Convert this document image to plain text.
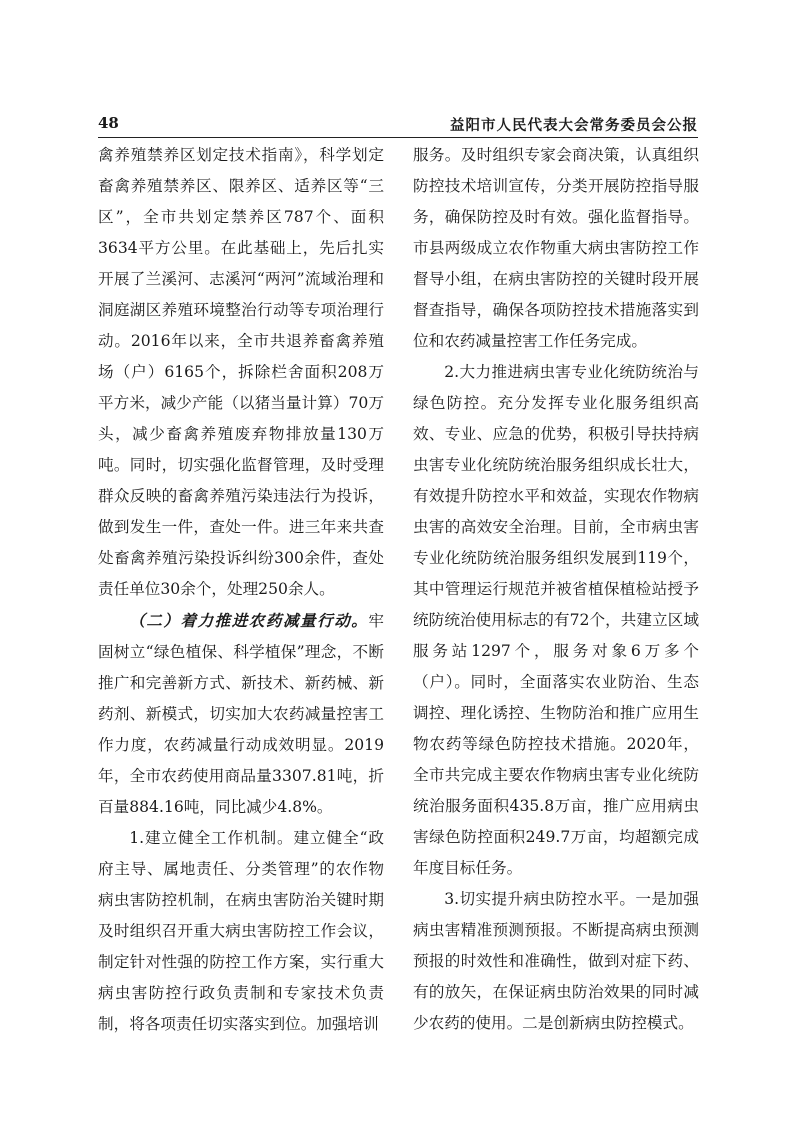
48	益阳市人民代表大会常务委员会公报

禽养殖禁养区划定技术指南》，科学划定畜禽养殖禁养区、限养区、适养区等“三区”，全市共划定禁养区787个、面积3634平方公里。在此基础上，先后扎实开展了兰溪河、志溪河“两河”流域治理和洞庭湖区养殖环境整治行动等专项治理行动。2016年以来，全市共退养畜禽养殖场（户）6165个，拆除栏舍面积208万平方米，减少产能（以猪当量计算）70万头，减少畜禽养殖废弃物排放量130万吨。同时，切实强化监督管理，及时受理群众反映的畜禽养殖污染违法行为投诉，做到发生一件，查处一件。进三年来共查处畜禽养殖污染投诉纠纷300余件，查处责任单位30余个，处理250余人。

（二）着力推进农药减量行动。牢固树立“绿色植保、科学植保”理念，不断推广和完善新方式、新技术、新药械、新药剂、新模式，切实加大农药减量控害工作力度，农药减量行动成效明显。2019年，全市农药使用商品量3307.81吨，折百量884.16吨，同比减少4.8%。

1.建立健全工作机制。建立健全“政府主导、属地责任、分类管理”的农作物病虫害防控机制，在病虫害防治关键时期及时组织召开重大病虫害防控工作会议，制定针对性强的防控工作方案，实行重大病虫害防控行政负责制和专家技术负责制，将各项责任切实落实到位。加强培训

服务。及时组织专家会商决策，认真组织防控技术培训宣传，分类开展防控指导服务，确保防控及时有效。强化监督指导。市县两级成立农作物重大病虫害防控工作督导小组，在病虫害防控的关键时段开展督查指导，确保各项防控技术措施落实到位和农药减量控害工作任务完成。

2.大力推进病虫害专业化统防统治与绿色防控。充分发挥专业化服务组织高效、专业、应急的优势，积极引导扶持病虫害专业化统防统治服务组织成长壮大，有效提升防控水平和效益，实现农作物病虫害的高效安全治理。目前，全市病虫害专业化统防统治服务组织发展到119个，其中管理运行规范并被省植保植检站授予统防统治使用标志的有72个，共建立区域服务站1297个，服务对象6万多个（户）。同时，全面落实农业防治、生态调控、理化诱控、生物防治和推广应用生物农药等绿色防控技术措施。2020年，全市共完成主要农作物病虫害专业化统防统治服务面积435.8万亩，推广应用病虫害绿色防控面积249.7万亩，均超额完成年度目标任务。

3.切实提升病虫防控水平。一是加强病虫害精准预测预报。不断提高病虫预测预报的时效性和准确性，做到对症下药、有的放矢，在保证病虫防治效果的同时减少农药的使用。二是创新病虫防控模式。
